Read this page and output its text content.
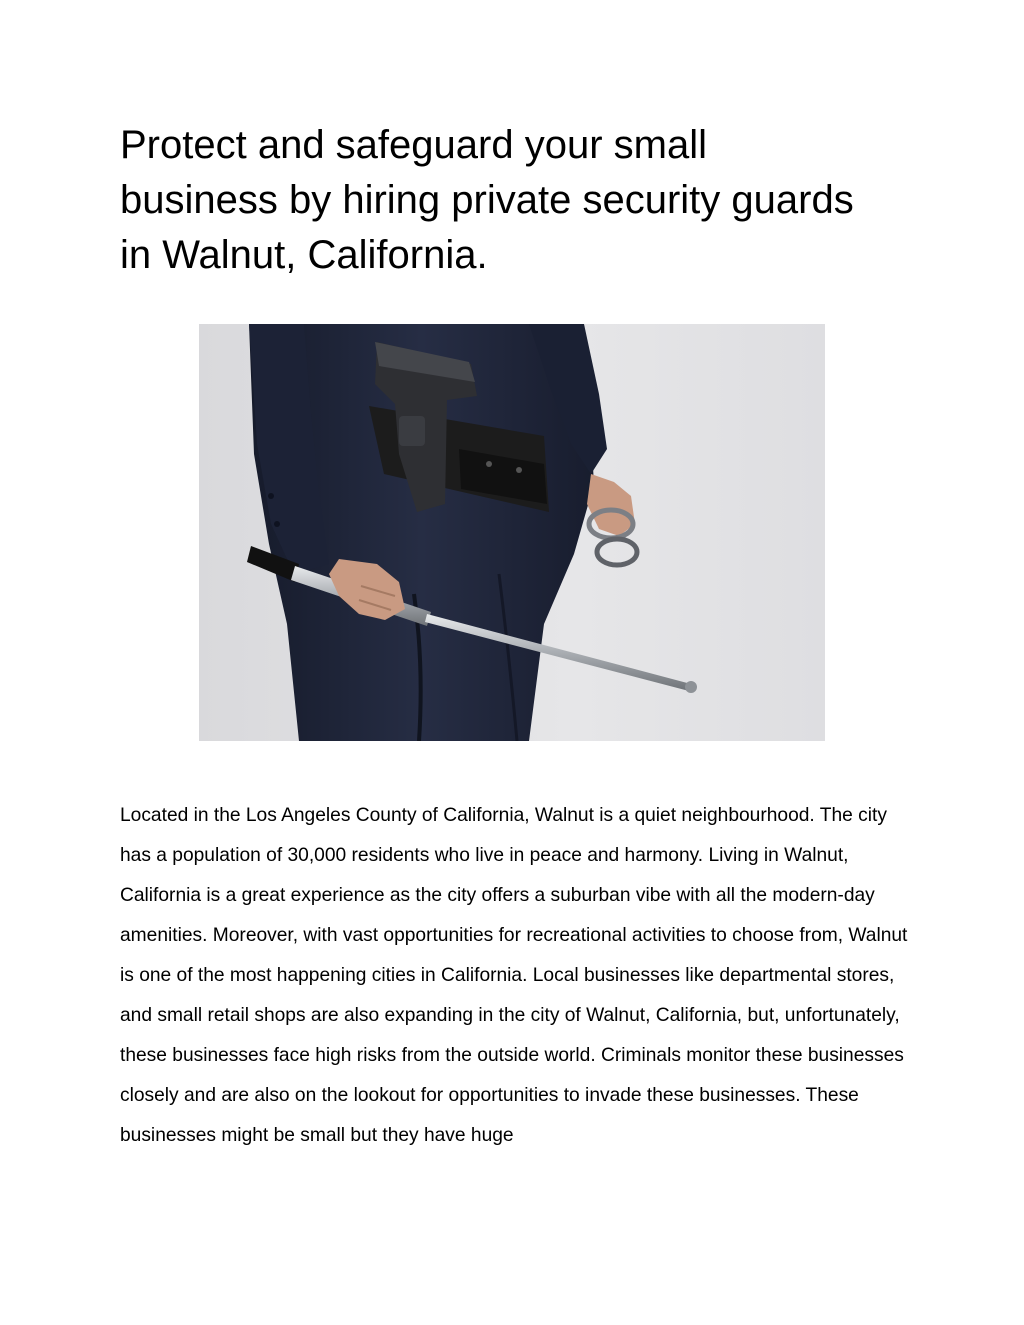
Protect and safeguard your small business by hiring private security guards in Walnut, California.

Located in the Los Angeles County of California, Walnut is a quiet neighbourhood. The city has a population of 30,000 residents who live in peace and harmony. Living in Walnut, California is a great experience as the city offers a suburban vibe with all the modern-day amenities. Moreover, with vast opportunities for recreational activities to choose from, Walnut is one of the most happening cities in California. Local businesses like departmental stores, and small retail shops are also expanding in the city of Walnut, California, but, unfortunately, these businesses face high risks from the outside world. Criminals monitor these businesses closely and are also on the lookout for opportunities to invade these businesses. These businesses might be small but they have huge
